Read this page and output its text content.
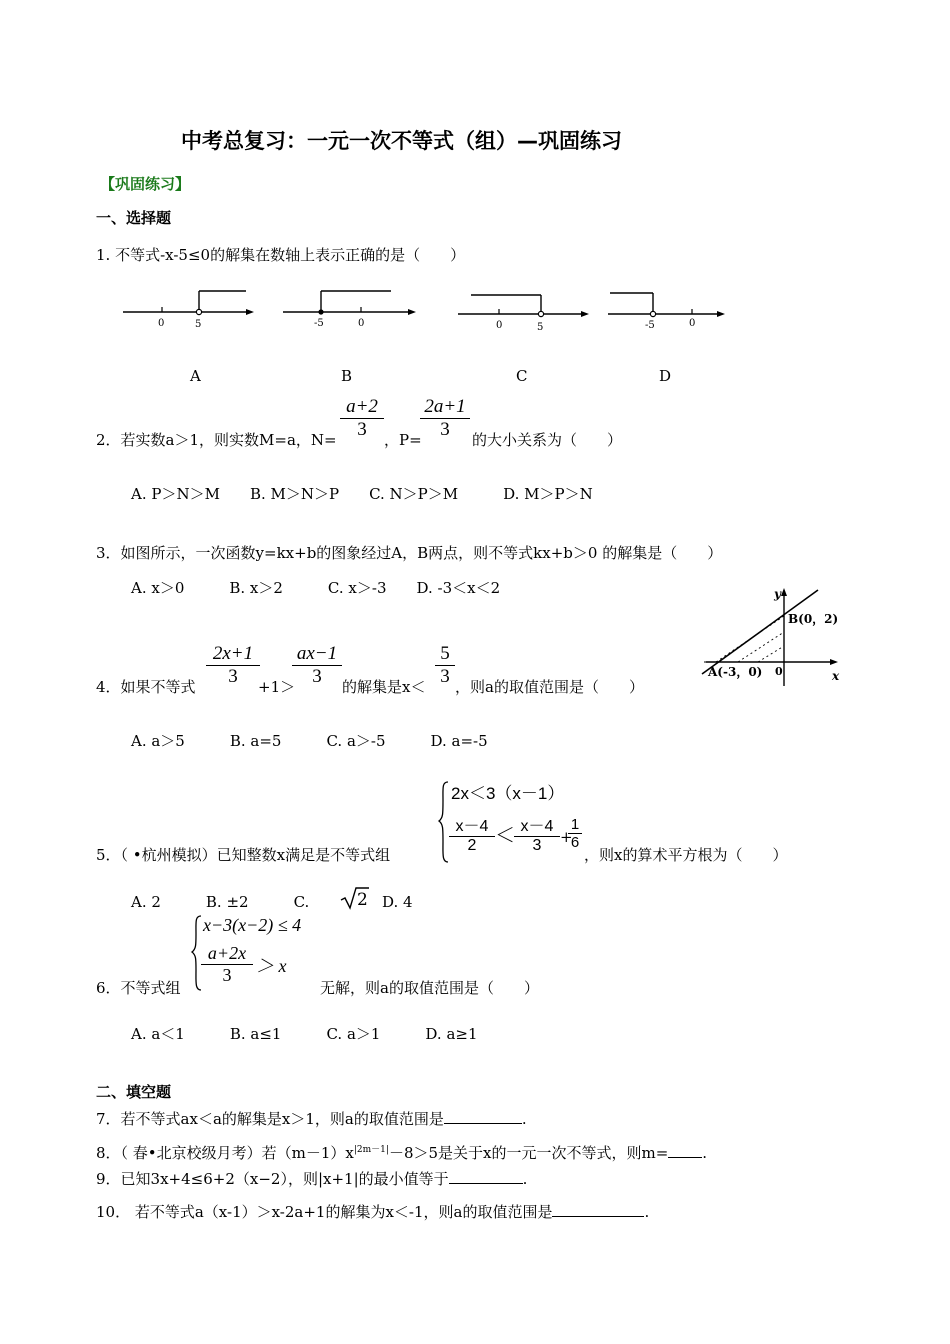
中考总复习：一元一次不等式（组）—巩固练习
【巩固练习】
一、选择题
1. 不等式-x-5≤0的解集在数轴上表示正确的是（　　）
0	5	-5	0	0	5	-5	0
A	B	C	D
2．若实数a＞1，则实数M=a，N=
a+2
3	，P=
2a+1
3	的大小关系为（　　）
A. P＞N＞M　　B. M＞N＞P　　C. N＞P＞M　　　D. M＞P＞N
3．如图所示，一次函数y=kx+b的图象经过A，B两点，则不等式kx+b＞0 的解集是（　　）
A. x＞0　　　B. x＞2　　　C. x＞-3　　D. -3＜x＜2	y
x
0
B(0，2)
A(-3，0)
4．如果不等式
2x+1
3	+1＞
ax−1
3	的解集是x＜
5
3 ，则a的取值范围是（　　）
A. a＞5　　　B. a=5　　　C. a＞-5　　　D. a=-5
5．（ •杭州模拟）已知整数x满足是不等式组
2x＜3（x－1）
x－4
2 ＜ x－4
3	+
1
6
，则x的算术平方根为（　　）
A. 2　　　B. ±2　　　C.	2 D. 4
6．不等式组
x−3(x−2) ≤ 4
a+2x
3	＞ x
无解，则a的取值范围是（　　）
A. a＜1　　　B. a≤1　　　C. a＞1　　　D. a≥1
二、填空题
7．若不等式ax＜a的解集是x＞1，则a的取值范围是	.
8．（ 春•北京校级月考）若$(m-1)x^{|2m-1|}-8>5$是关于x的一元一次不等式，则m= .
9．已知3x+4≤6+2（x−2），则|x+1|的最小值等于	.
10． 若不等式a（x-1）＞x-2a+1的解集为x＜-1，则a的取值范围是	.
